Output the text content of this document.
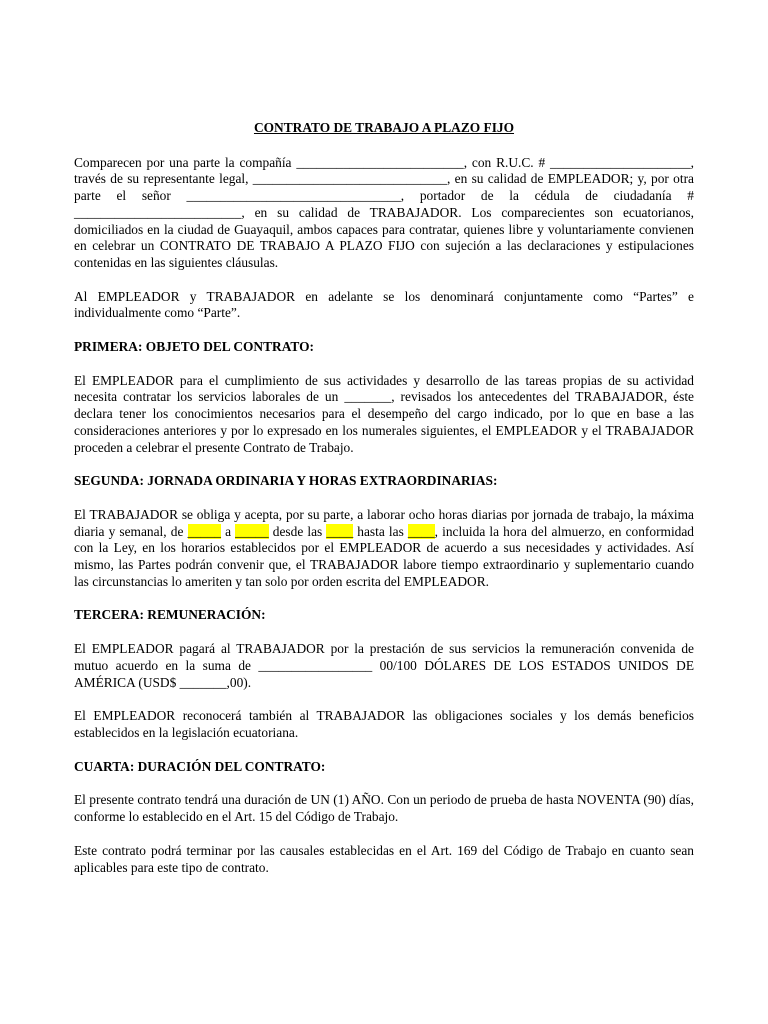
CONTRATO DE TRABAJO A PLAZO FIJO

Comparecen por una parte la compañía _________________________, con R.U.C. # _____________________, través de su representante legal, _____________________________, en su calidad de EMPLEADOR; y, por otra parte el señor ________________________________, portador de la cédula de ciudadanía # _________________________, en su calidad de TRABAJADOR. Los comparecientes son ecuatorianos, domiciliados en la ciudad de Guayaquil, ambos capaces para contratar, quienes libre y voluntariamente convienen en celebrar un CONTRATO DE TRABAJO A PLAZO FIJO con sujeción a las declaraciones y estipulaciones contenidas en las siguientes cláusulas.

Al EMPLEADOR y TRABAJADOR en adelante se los denominará conjuntamente como “Partes” e individualmente como “Parte”.

PRIMERA: OBJETO DEL CONTRATO:

El EMPLEADOR para el cumplimiento de sus actividades y desarrollo de las tareas propias de su actividad necesita contratar los servicios laborales de un _______, revisados los antecedentes del TRABAJADOR, éste declara tener los conocimientos necesarios para el desempeño del cargo indicado, por lo que en base a las consideraciones anteriores y por lo expresado en los numerales siguientes, el EMPLEADOR y el TRABAJADOR proceden a celebrar el presente Contrato de Trabajo.

SEGUNDA: JORNADA ORDINARIA Y HORAS EXTRAORDINARIAS:

El TRABAJADOR se obliga y acepta, por su parte, a laborar ocho horas diarias por jornada de trabajo, la máxima diaria y semanal, de _____ a _____ desde las ____ hasta las ____, incluida la hora del almuerzo, en conformidad con la Ley, en los horarios establecidos por el EMPLEADOR de acuerdo a sus necesidades y actividades. Así mismo, las Partes podrán convenir que, el TRABAJADOR labore tiempo extraordinario y suplementario cuando las circunstancias lo ameriten y tan solo por orden escrita del EMPLEADOR.

TERCERA: REMUNERACIÓN:

El EMPLEADOR pagará al TRABAJADOR por la prestación de sus servicios la remuneración convenida de mutuo acuerdo en la suma de _________________ 00/100 DÓLARES DE LOS ESTADOS UNIDOS DE AMÉRICA (USD$ _______,00).

El EMPLEADOR reconocerá también al TRABAJADOR las obligaciones sociales y los demás beneficios establecidos en la legislación ecuatoriana.

CUARTA: DURACIÓN DEL CONTRATO:

El presente contrato tendrá una duración de UN (1) AÑO. Con un periodo de prueba de hasta NOVENTA (90) días, conforme lo establecido en el Art. 15 del Código de Trabajo.

Este contrato podrá terminar por las causales establecidas en el Art. 169 del Código de Trabajo en cuanto sean aplicables para este tipo de contrato.
